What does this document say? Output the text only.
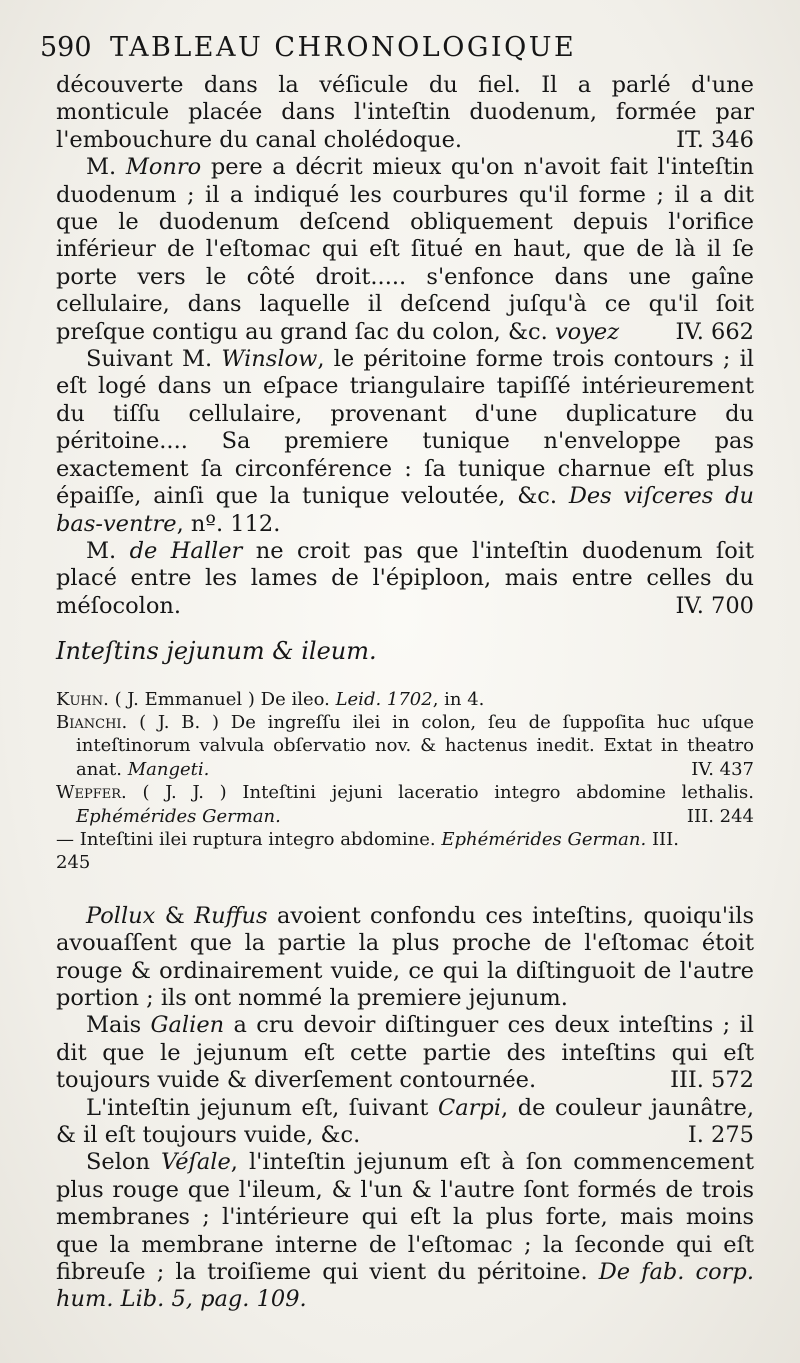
590 TABLEAU CHRONOLOGIQUE

découverte dans la véſicule du fiel. Il a parlé d'une monticule placée dans l'inteſtin duodenum, formée par l'embouchure du canal cholédoque.	IT. 346

M. Monro pere a décrit mieux qu'on n'avoit fait l'inteſtin duodenum ; il a indiqué les courbures qu'il forme ; il a dit que le duodenum deſcend obliquement depuis l'orifice inférieur de l'eſtomac qui eſt ſitué en haut, que de là il ſe porte vers le côté droit..... s'enfonce dans une gaîne cellulaire, dans laquelle il deſcend juſqu'à ce qu'il ſoit preſque contigu au grand ſac du colon, &c. voyez	IV. 662

Suivant M. Winslow, le péritoine forme trois contours ; il eſt logé dans un eſpace triangulaire tapiſſé intérieurement du tiſſu cellulaire, provenant d'une duplicature du péritoine.... Sa premiere tunique n'enveloppe pas exactement ſa circonférence : ſa tunique charnue eſt plus épaiſſe, ainſi que la tunique veloutée, &c. Des viſceres du bas-ventre, nº. 112.

M. de Haller ne croit pas que l'inteſtin duodenum ſoit placé entre les lames de l'épiploon, mais entre celles du méſocolon.	IV. 700

Inteſtins jejunum & ileum.

Kuhn. ( J. Emmanuel ) De ileo. Leid. 1702, in 4.

Bianchi. ( J. B. ) De ingreſſu ilei in colon, ſeu de ſuppoſita huc uſque inteſtinorum valvula obſervatio nov. & hactenus inedit. Extat in theatro anat. Mangeti.	IV. 437

Wepfer. ( J. J. ) Inteſtini jejuni laceratio integro abdomine lethalis. Ephémérides German.	III. 244

— Inteſtini ilei ruptura integro abdomine. Ephémérides German. III.

245

Pollux & Ruffus avoient confondu ces inteſtins, quoiqu'ils avouaſſent que la partie la plus proche de l'eſtomac étoit rouge & ordinairement vuide, ce qui la diſtinguoit de l'autre portion ; ils ont nommé la premiere jejunum.

Mais Galien a cru devoir diſtinguer ces deux inteſtins ; il dit que le jejunum eſt cette partie des inteſtins qui eſt toujours vuide & diverſement contournée.	III. 572

L'inteſtin jejunum eſt, ſuivant Carpi, de couleur jaunâtre, & il eſt toujours vuide, &c.	I. 275

Selon Véſale, l'inteſtin jejunum eſt à ſon commencement plus rouge que l'ileum, & l'un & l'autre ſont formés de trois membranes ; l'intérieure qui eſt la plus forte, mais moins que la membrane interne de l'eſtomac ; la ſeconde qui eſt fibreuſe ; la troiſieme qui vient du péritoine. De fab. corp. hum. Lib. 5, pag. 109.
